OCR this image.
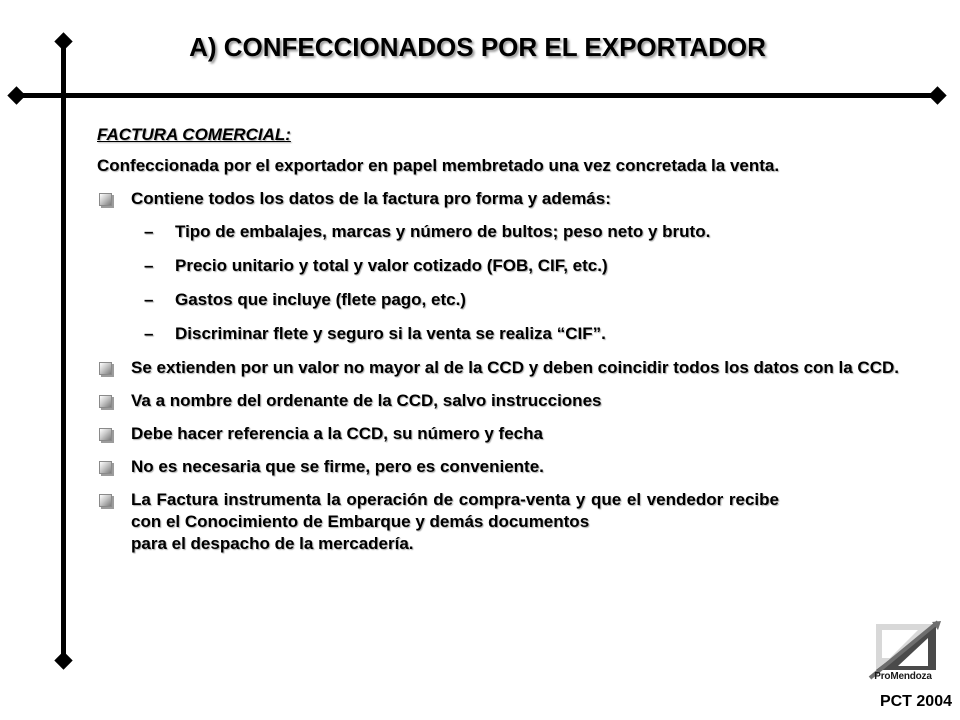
A) CONFECCIONADOS POR EL EXPORTADOR
FACTURA COMERCIAL:
Confeccionada por el exportador en papel membretado una vez concretada la venta.
Contiene todos los datos de la factura pro forma y además:
– Tipo de embalajes, marcas y número de bultos; peso neto y bruto.
– Precio unitario y total y valor cotizado (FOB, CIF, etc.)
– Gastos que incluye (flete pago, etc.)
– Discriminar flete y seguro si la venta se realiza “CIF”.
Se extienden por un valor no mayor al de la CCD y deben coincidir todos los datos con la CCD.
Va a nombre del ordenante de la CCD, salvo instrucciones
Debe hacer referencia a la CCD, su número y fecha
No es necesaria que se firme, pero es conveniente.
La Factura instrumenta la operación de compra-venta y que el vendedor recibe con el Conocimiento de Embarque y demás documentos
para el despacho de la mercadería.
ProMendoza
PCT 2004
